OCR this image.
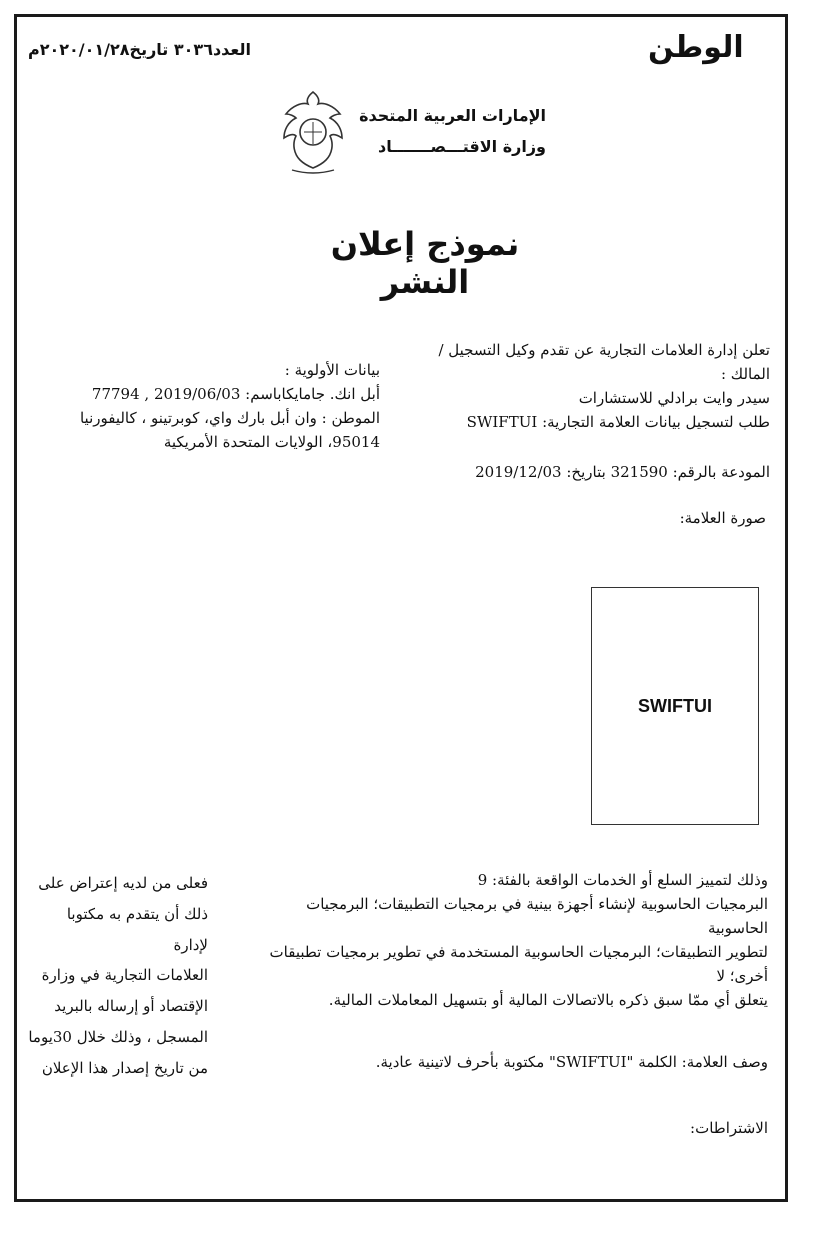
الوطن
العدد٣٠٣٦ تاريخ٢٠٢٠/٠١/٢٨م
الإمارات العربية المتحدة
وزارة الاقتـــصـــــــاد
نموذج إعلان النشر

تعلن إدارة العلامات التجارية عن تقدم وكيل التسجيل / المالك :

سيدر وايت برادلي للاستشارات

طلب لتسجيل بيانات العلامة التجارية: SWIFTUI

المودعة بالرقم: 321590 بتاريخ: 2019/12/03

صورة العلامة:

بيانات الأولوية :

أبل انك. جامايكاباسم: 2019/06/03 , 77794

الموطن : وان أبل بارك واي، كوبرتينو ، كاليفورنيا

95014، الولايات المتحدة الأمريكية

SWIFTUI

وذلك لتمييز السلع أو الخدمات الواقعة بالفئة: 9

البرمجيات الحاسوبية لإنشاء أجهزة بينية في برمجيات التطبيقات؛ البرمجيات الحاسوبية

لتطوير التطبيقات؛ البرمجيات الحاسوبية المستخدمة في تطوير برمجيات تطبيقات أخرى؛ لا

يتعلق أي ممّا سبق ذكره بالاتصالات المالية أو بتسهيل المعاملات المالية.

فعلى من لديه إعتراض على

ذلك أن يتقدم به مكتوبا لإدارة

العلامات التجارية في وزارة

الإقتصاد أو إرساله بالبريد

المسجل ، وذلك خلال 30يوما

من تاريخ إصدار هذا الإعلان	وصف العلامة: الكلمة "SWIFTUI" مكتوبة بأحرف لاتينية عادية.
الاشتراطات:
